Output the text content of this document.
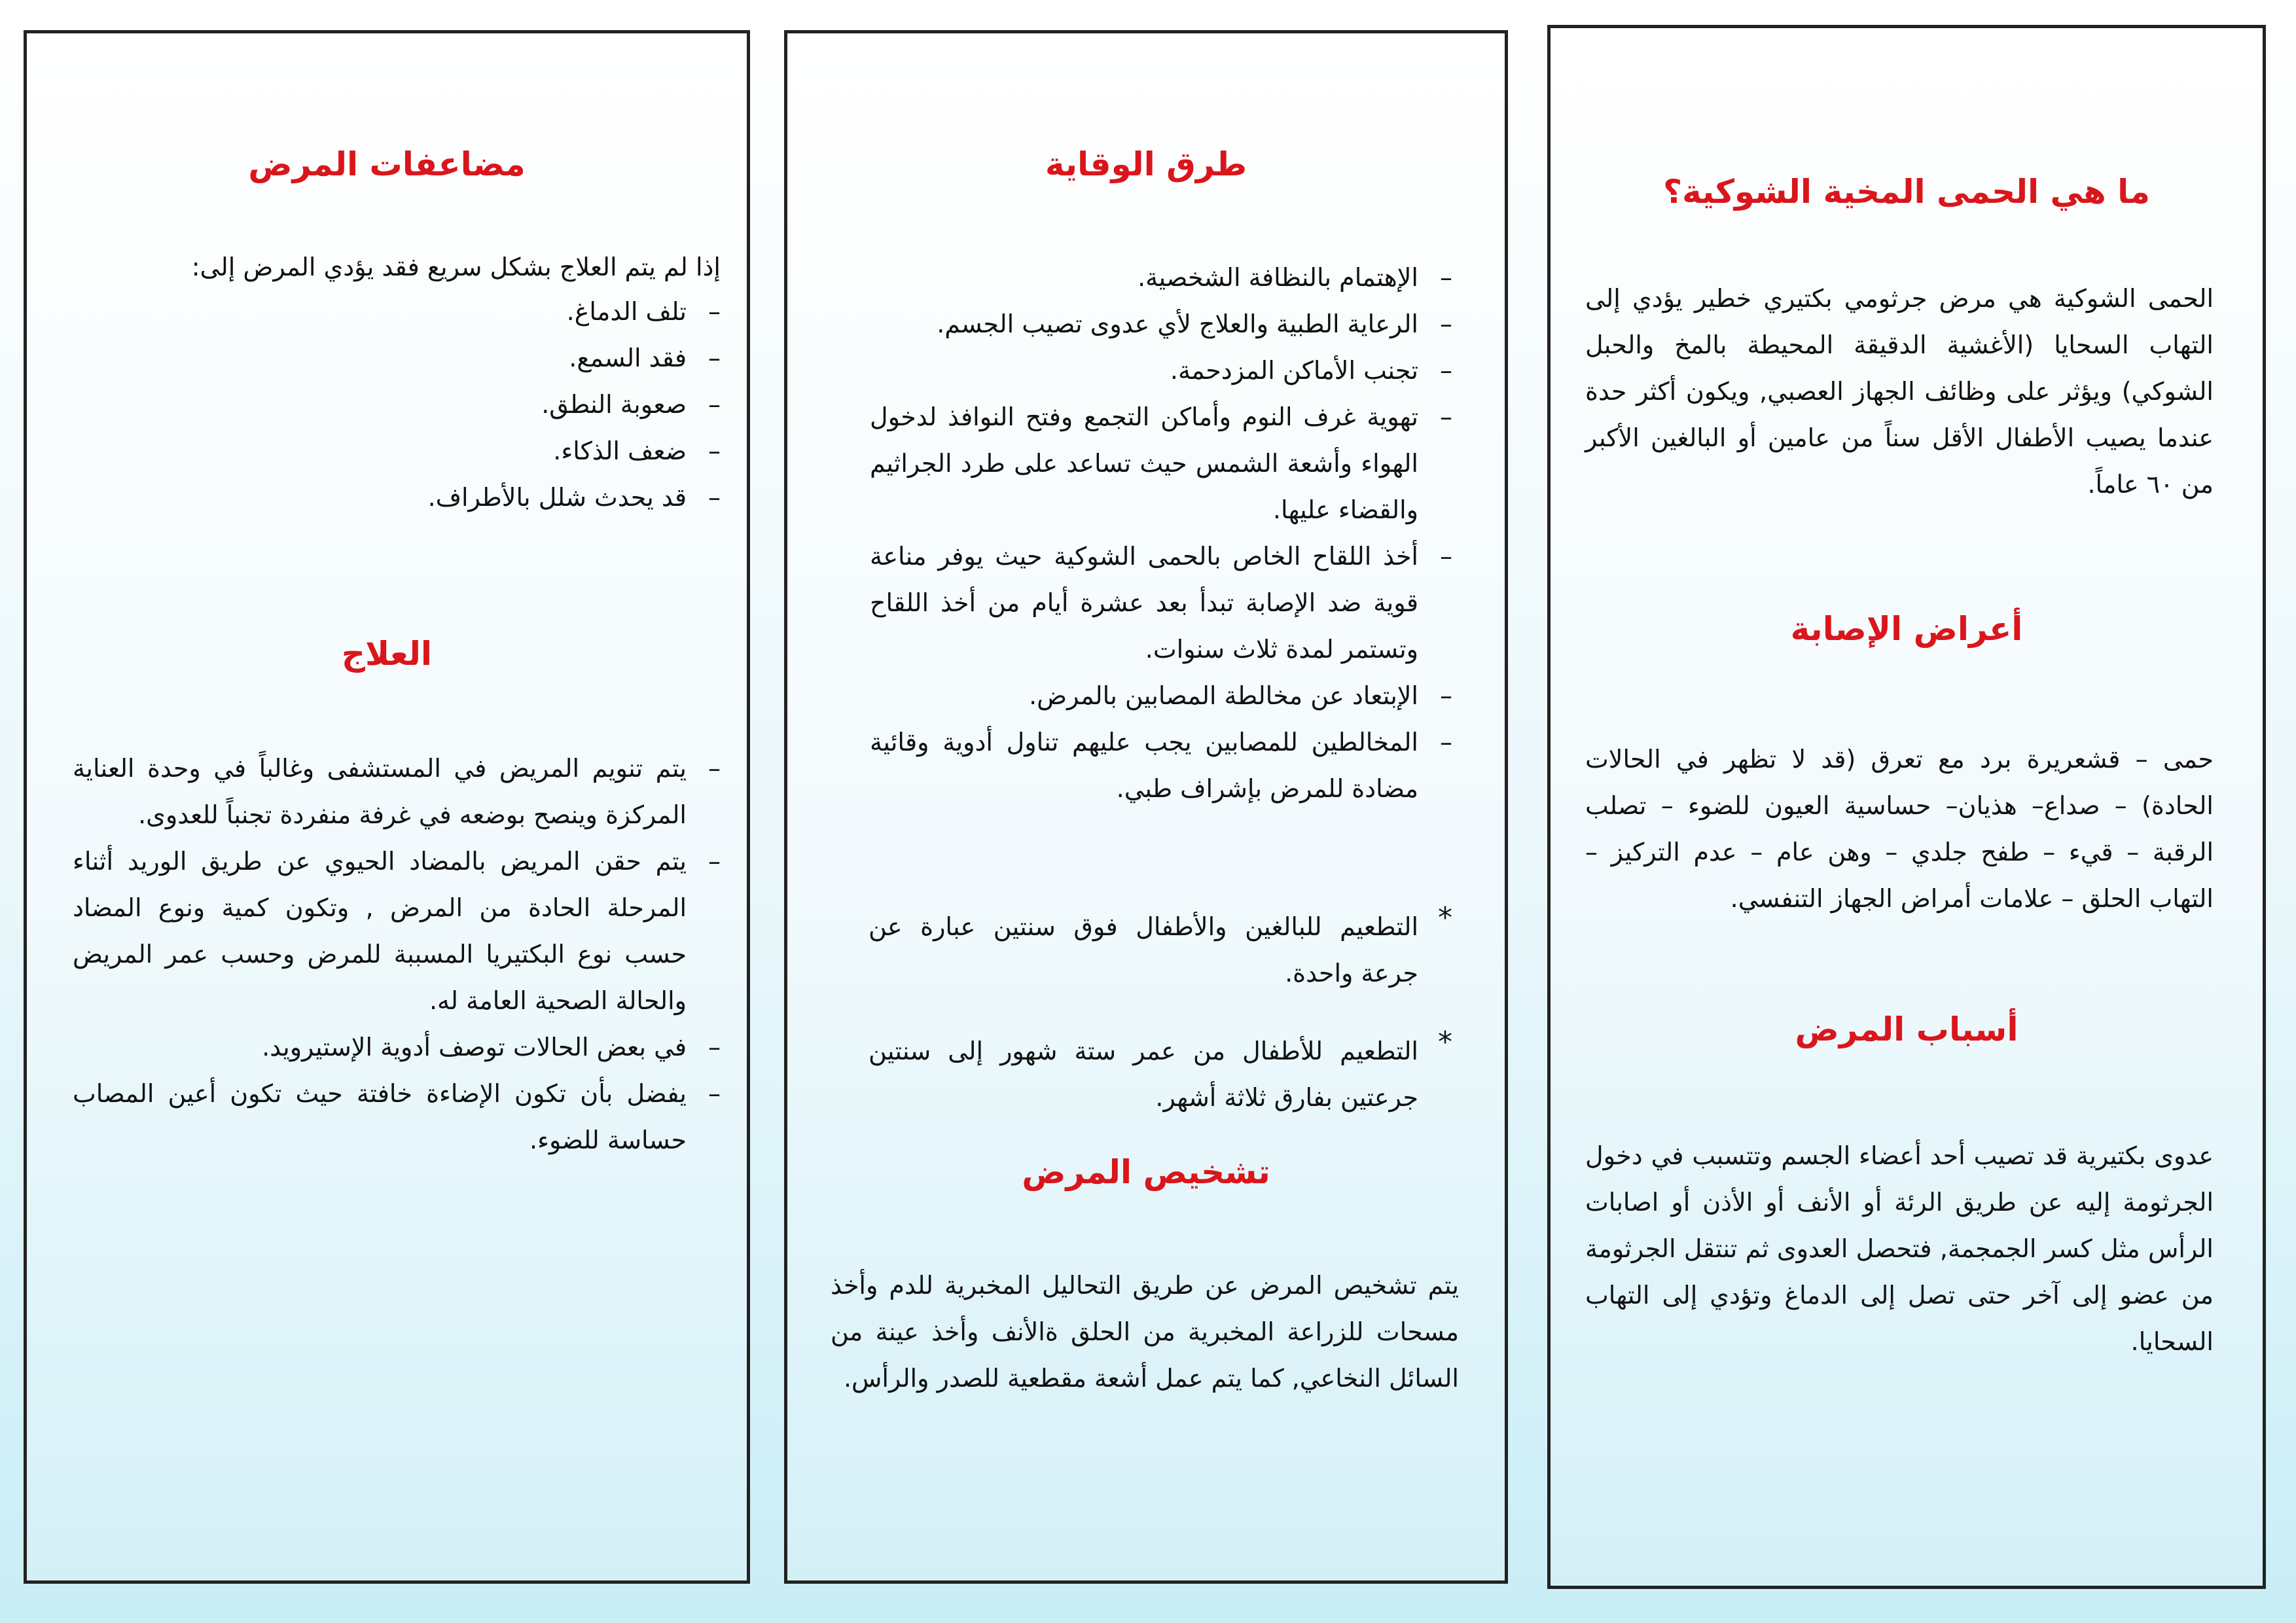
ما هي الحمى المخية الشوكية؟

الحمى الشوكية هي مرض جرثومي بكتيري خطير يؤدي إلى التهاب السحايا (الأغشية الدقيقة المحيطة بالمخ والحبل الشوكي) ويؤثر على وظائف الجهاز العصبي, ويكون أكثر حدة عندما يصيب الأطفال الأقل سناً من عامين أو البالغين الأكبر من ٦٠ عاماً.

أعراض الإصابة

حمى – قشعريرة برد مع تعرق (قد لا تظهر في الحالات الحادة) – صداع– هذيان– حساسية العيون للضوء – تصلب الرقبة – قيء – طفح جلدي – وهن عام – عدم التركيز – التهاب الحلق – علامات أمراض الجهاز التنفسي.

أسباب المرض

عدوى بكتيرية قد تصيب أحد أعضاء الجسم وتتسبب في دخول الجرثومة إليه عن طريق الرئة أو الأنف أو الأذن أو اصابات الرأس مثل كسر الجمجمة, فتحصل العدوى ثم تنتقل الجرثومة من عضو إلى آخر حتى تصل إلى الدماغ وتؤدي إلى التهاب السحايا.

طرق الوقاية
– الإهتمام بالنظافة الشخصية.
– الرعاية الطبية والعلاج لأي عدوى تصيب الجسم.
– تجنب الأماكن المزدحمة.
– تهوية غرف النوم وأماكن التجمع وفتح النوافذ لدخول الهواء وأشعة الشمس حيث تساعد على طرد الجراثيم والقضاء عليها.
– أخذ اللقاح الخاص بالحمى الشوكية حيث يوفر مناعة قوية ضد الإصابة تبدأ بعد عشرة أيام من أخذ اللقاح وتستمر لمدة ثلاث سنوات.
– الإبتعاد عن مخالطة المصابين بالمرض.
– المخالطين للمصابين يجب عليهم تناول أدوية وقائية مضادة للمرض بإشراف طبي.

* التطعيم للبالغين والأطفال فوق سنتين عبارة عن جرعة واحدة.

* التطعيم للأطفال من عمر ستة شهور إلى سنتين جرعتين بفارق ثلاثة أشهر.

تشخيص المرض

يتم تشخيص المرض عن طريق التحاليل المخبرية للدم وأخذ مسحات للزراعة المخبرية من الحلق ةالأنف وأخذ عينة من السائل النخاعي, كما يتم عمل أشعة مقطعية للصدر والرأس.

مضاعفات المرض

إذا لم يتم العلاج بشكل سريع فقد يؤدي المرض إلى:

– تلف الدماغ.
– فقد السمع.
– صعوبة النطق.
– ضعف الذكاء.
– قد يحدث شلل بالأطراف.
العلاج
– يتم تنويم المريض في المستشفى وغالباً في وحدة العناية المركزة وينصح بوضعه في غرفة منفردة تجنباً للعدوى.
– يتم حقن المريض بالمضاد الحيوي عن طريق الوريد أثناء المرحلة الحادة من المرض , وتكون كمية ونوع المضاد حسب نوع البكتيريا المسببة للمرض وحسب عمر المريض والحالة الصحية العامة له.
– في بعض الحالات توصف أدوية الإستيرويد.
– يفضل بأن تكون الإضاءة خافتة حيث تكون أعين المصاب حساسة للضوء.
